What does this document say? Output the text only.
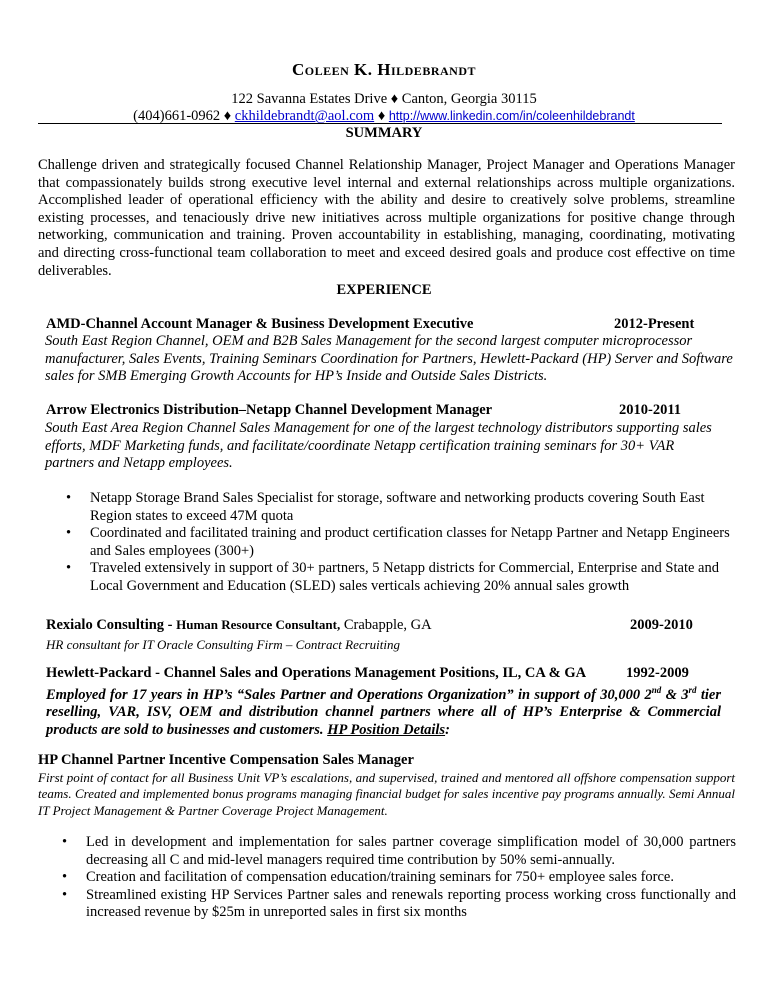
Coleen K. Hildebrandt
122 Savanna Estates Drive ♦ Canton, Georgia 30115
(404)661-0962 ♦ ckhildebrandt@aol.com ♦ http://www.linkedin.com/in/coleenhildebrandt
SUMMARY
Challenge driven and strategically focused Channel Relationship Manager, Project Manager and Operations Manager that compassionately builds strong executive level internal and external relationships across multiple organizations. Accomplished leader of operational efficiency with the ability and desire to creatively solve problems, streamline existing processes, and tenaciously drive new initiatives across multiple organizations for positive change through networking, communication and training. Proven accountability in establishing, managing, coordinating, motivating and directing cross-functional team collaboration to meet and exceed desired goals and produce cost effective on time deliverables.
EXPERIENCE
AMD-Channel Account Manager & Business Development Executive	2012-Present
South East Region Channel, OEM and B2B Sales Management for the second largest computer microprocessor manufacturer, Sales Events, Training Seminars Coordination for Partners, Hewlett-Packard (HP) Server and Software sales for SMB Emerging Growth Accounts for HP’s Inside and Outside Sales Districts.
Arrow Electronics Distribution–Netapp Channel Development Manager	2010-2011
South East Area Region Channel Sales Management for one of the largest technology distributors supporting sales efforts, MDF Marketing funds, and facilitate/coordinate Netapp certification training seminars for 30+ VAR partners and Netapp employees.
• Netapp Storage Brand Sales Specialist for storage, software and networking products covering South East Region states to exceed 47M quota
• Coordinated and facilitated training and product certification classes for Netapp Partner and Netapp Engineers and Sales employees (300+)
• Traveled extensively in support of 30+ partners, 5 Netapp districts for Commercial, Enterprise and State and Local Government and Education (SLED) sales verticals achieving 20% annual sales growth
Rexialo Consulting - Human Resource Consultant, Crabapple, GA	2009-2010
HR consultant for IT Oracle Consulting Firm – Contract Recruiting
Hewlett-Packard - Channel Sales and Operations Management Positions, IL, CA & GA	1992-2009
Employed for 17 years in HP’s “Sales Partner and Operations Organization” in support of 30,000 2nd & 3rd tier reselling, VAR, ISV, OEM and distribution channel partners where all of HP’s Enterprise & Commercial products are sold to businesses and customers. HP Position Details:
HP Channel Partner Incentive Compensation Sales Manager
First point of contact for all Business Unit VP’s escalations, and supervised, trained and mentored all offshore compensation support teams. Created and implemented bonus programs managing financial budget for sales incentive pay programs annually. Semi Annual IT Project Management & Partner Coverage Project Management.
• Led in development and implementation for sales partner coverage simplification model of 30,000 partners decreasing all C and mid-level managers required time contribution by 50% semi-annually.
• Creation and facilitation of compensation education/training seminars for 750+ employee sales force.
• Streamlined existing HP Services Partner sales and renewals reporting process working cross functionally and increased revenue by $25m in unreported sales in first six months
